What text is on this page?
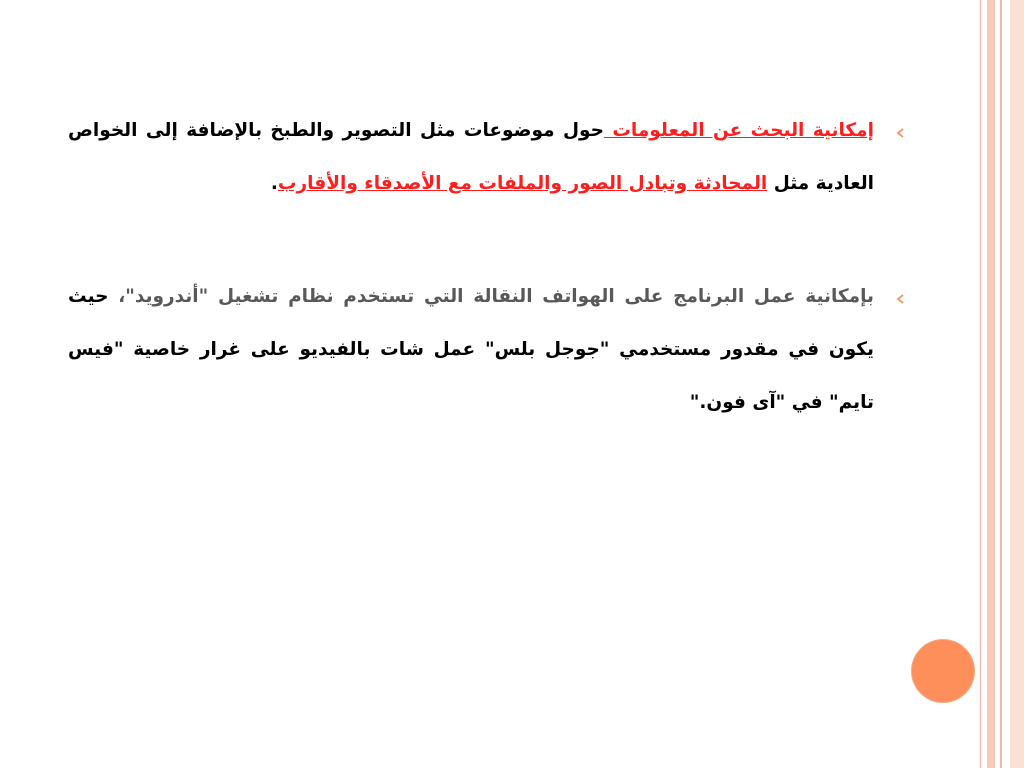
إمكانية البحث عن المعلومات حول موضوعات مثل التصوير والطبخ بالإضافة إلى الخواص العادية مثل المحادثة وتبادل الصور والملفات مع الأصدقاء والأقارب.
بإمكانية عمل البرنامج على الهواتف النقالة التي تستخدم نظام تشغيل "أندرويد"، حيث يكون في مقدور مستخدمي "جوجل بلس" عمل شات بالفيديو على غرار خاصية "فيس تايم" في "آى فون."
